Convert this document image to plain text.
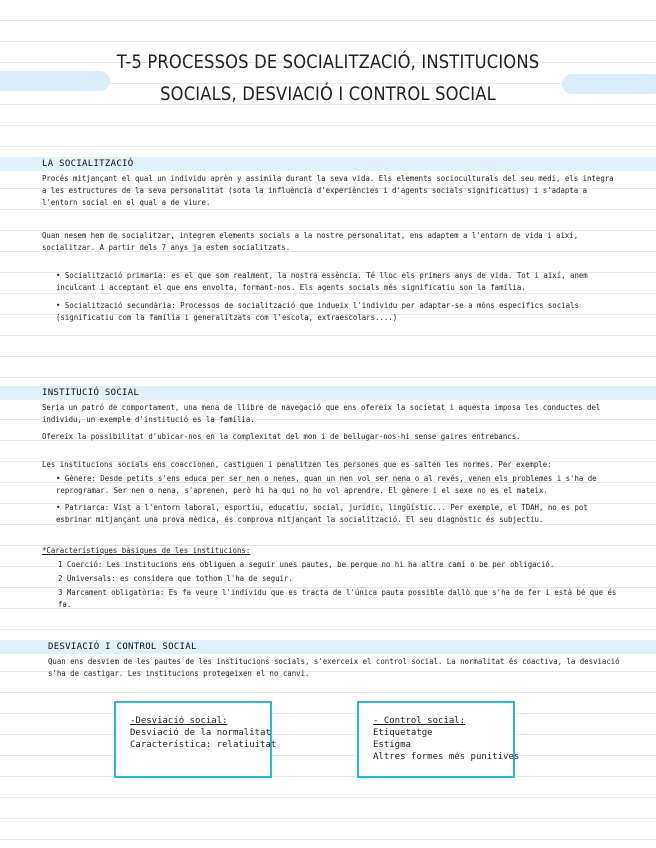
T-5 PROCESSOS DE SOCIALITZACIÓ, INSTITUCIONS
SOCIALS, DESVIACIÓ I CONTROL SOCIAL
LA SOCIALITZACIÓ

Procés mitjançant el qual un individu aprèn y assimila durant la seva vida. Els elements socioculturals del seu medi, els integra a les estructures de la seva personalitat (sota la influència d'experiències i d'agents socials significatius) i s'adapta a l'entorn social en el qual a de viure.

Quan nesem hem de socialitzar, integrem elements socials a la nostre personalitat, ens adaptem a l'entorn de vida i així, socialitzar. A partir dels 7 anys ja estem socialitzats.

• Socialització primaria: es el que som realment, la nostra essència. Té lloc els primers anys de vida. Tot i així, anem inculcant i acceptant el que ens envolta, formant-nos. Els agents socials més significatiu son la família.
• Socialització secundària: Processos de socialització que indueix l'individu per adaptar-se a móns específics socials (significatiu com la família i generalitzats com l'escola, extraescolars....)
INSTITUCIÓ SOCIAL

Seria un patró de comportament, una mena de llibre de navegació que ens ofereix la societat i aquesta imposa les conductes del individu, un exemple d'institució es la família.

Ofereix la possibilitat d'ubicar-nos en la complexitat del mon i de bellugar-nos-hi sense gaires entrebancs.

Les institucions socials ens coaccionen, castiguen i penalitzen les persones que es salten les normes. Per exemple:

• Gènere: Desde petits s'ens educa per ser nen o nenes, quan un nen vol ser nena o al revés, venen els problemes i s'ha de reprogramar. Ser nen o nena, s'aprenen, però hi ha qui no ho vol aprendre. El gènere i el sexe no es el mateix.
• Patriarca: Vist a l'entorn laboral, esportiu, educatiu, social, jurídic, lingüístic... Per exemple, el TDAH, no es pot esbrinar mitjançant una prova mèdica, és comprova mitjançant la socialització. El seu diagnòstic és subjectiu.

*Característiques bàsiques de les institucions:

1 Coerció: Les institucions ens obliguen a seguir unes pautes, be perque no hi ha altre camí o be per obligació.
2 Universals: es considera que tothom l'ha de seguir.
3 Marcament obligatòria: Es fa veure l'individu que es tracta de l'única pauta possible dallò que s'ha de fer i està bé que és fa.
DESVIACIÓ I CONTROL SOCIAL

Quan ens desviem de les pautes de les institucions socials, s'exerceix el control social. La normalitat és coactiva, la desviació s'ha de castigar. Les institucions protegeixen el no canvi.

-Desviació social:
Desviació de la normalitat
Característica: relatiuitat
- Control social:
Etiquetatge
Estigma
Altres formes més punitives
